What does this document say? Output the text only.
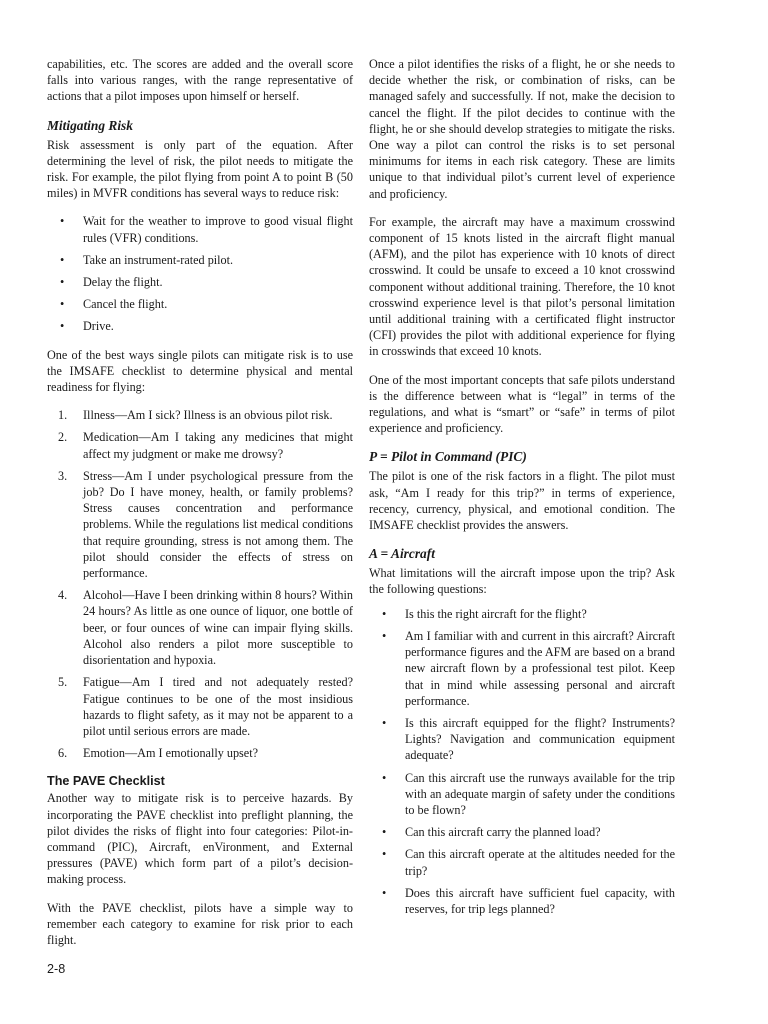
capabilities, etc. The scores are added and the overall score falls into various ranges, with the range representative of actions that a pilot imposes upon himself or herself.

Mitigating Risk

Risk assessment is only part of the equation. After determining the level of risk, the pilot needs to mitigate the risk. For example, the pilot flying from point A to point B (50 miles) in MVFR conditions has several ways to reduce risk:

• Wait for the weather to improve to good visual flight rules (VFR) conditions.
• Take an instrument-rated pilot.
• Delay the flight.
• Cancel the flight.
• Drive.

One of the best ways single pilots can mitigate risk is to use the IMSAFE checklist to determine physical and mental readiness for flying:

1. Illness—Am I sick? Illness is an obvious pilot risk.
2. Medication—Am I taking any medicines that might affect my judgment or make me drowsy?
3. Stress—Am I under psychological pressure from the job? Do I have money, health, or family problems? Stress causes concentration and performance problems. While the regulations list medical conditions that require grounding, stress is not among them. The pilot should consider the effects of stress on performance.
4. Alcohol—Have I been drinking within 8 hours? Within 24 hours? As little as one ounce of liquor, one bottle of beer, or four ounces of wine can impair flying skills. Alcohol also renders a pilot more susceptible to disorientation and hypoxia.
5. Fatigue—Am I tired and not adequately rested? Fatigue continues to be one of the most insidious hazards to flight safety, as it may not be apparent to a pilot until serious errors are made.
6. Emotion—Am I emotionally upset?
The PAVE Checklist

Another way to mitigate risk is to perceive hazards. By incorporating the PAVE checklist into preflight planning, the pilot divides the risks of flight into four categories: Pilot-in-command (PIC), Aircraft, enVironment, and External pressures (PAVE) which form part of a pilot’s decision-making process.

With the PAVE checklist, pilots have a simple way to remember each category to examine for risk prior to each flight.

Once a pilot identifies the risks of a flight, he or she needs to decide whether the risk, or combination of risks, can be managed safely and successfully. If not, make the decision to cancel the flight. If the pilot decides to continue with the flight, he or she should develop strategies to mitigate the risks. One way a pilot can control the risks is to set personal minimums for items in each risk category. These are limits unique to that individual pilot’s current level of experience and proficiency.

For example, the aircraft may have a maximum crosswind component of 15 knots listed in the aircraft flight manual (AFM), and the pilot has experience with 10 knots of direct crosswind. It could be unsafe to exceed a 10 knot crosswind component without additional training. Therefore, the 10 knot crosswind experience level is that pilot’s personal limitation until additional training with a certificated flight instructor (CFI) provides the pilot with additional experience for flying in crosswinds that exceed 10 knots.

One of the most important concepts that safe pilots understand is the difference between what is “legal” in terms of the regulations, and what is “smart” or “safe” in terms of pilot experience and proficiency.

P = Pilot in Command (PIC)

The pilot is one of the risk factors in a flight. The pilot must ask, “Am I ready for this trip?” in terms of experience, recency, currency, physical, and emotional condition. The IMSAFE checklist provides the answers.

A = Aircraft

What limitations will the aircraft impose upon the trip? Ask the following questions:

• Is this the right aircraft for the flight?
• Am I familiar with and current in this aircraft? Aircraft performance figures and the AFM are based on a brand new aircraft flown by a professional test pilot. Keep that in mind while assessing personal and aircraft performance.
• Is this aircraft equipped for the flight? Instruments? Lights? Navigation and communication equipment adequate?
• Can this aircraft use the runways available for the trip with an adequate margin of safety under the conditions to be flown?
• Can this aircraft carry the planned load?
• Can this aircraft operate at the altitudes needed for the trip?
• Does this aircraft have sufficient fuel capacity, with reserves, for trip legs planned?
2-8
